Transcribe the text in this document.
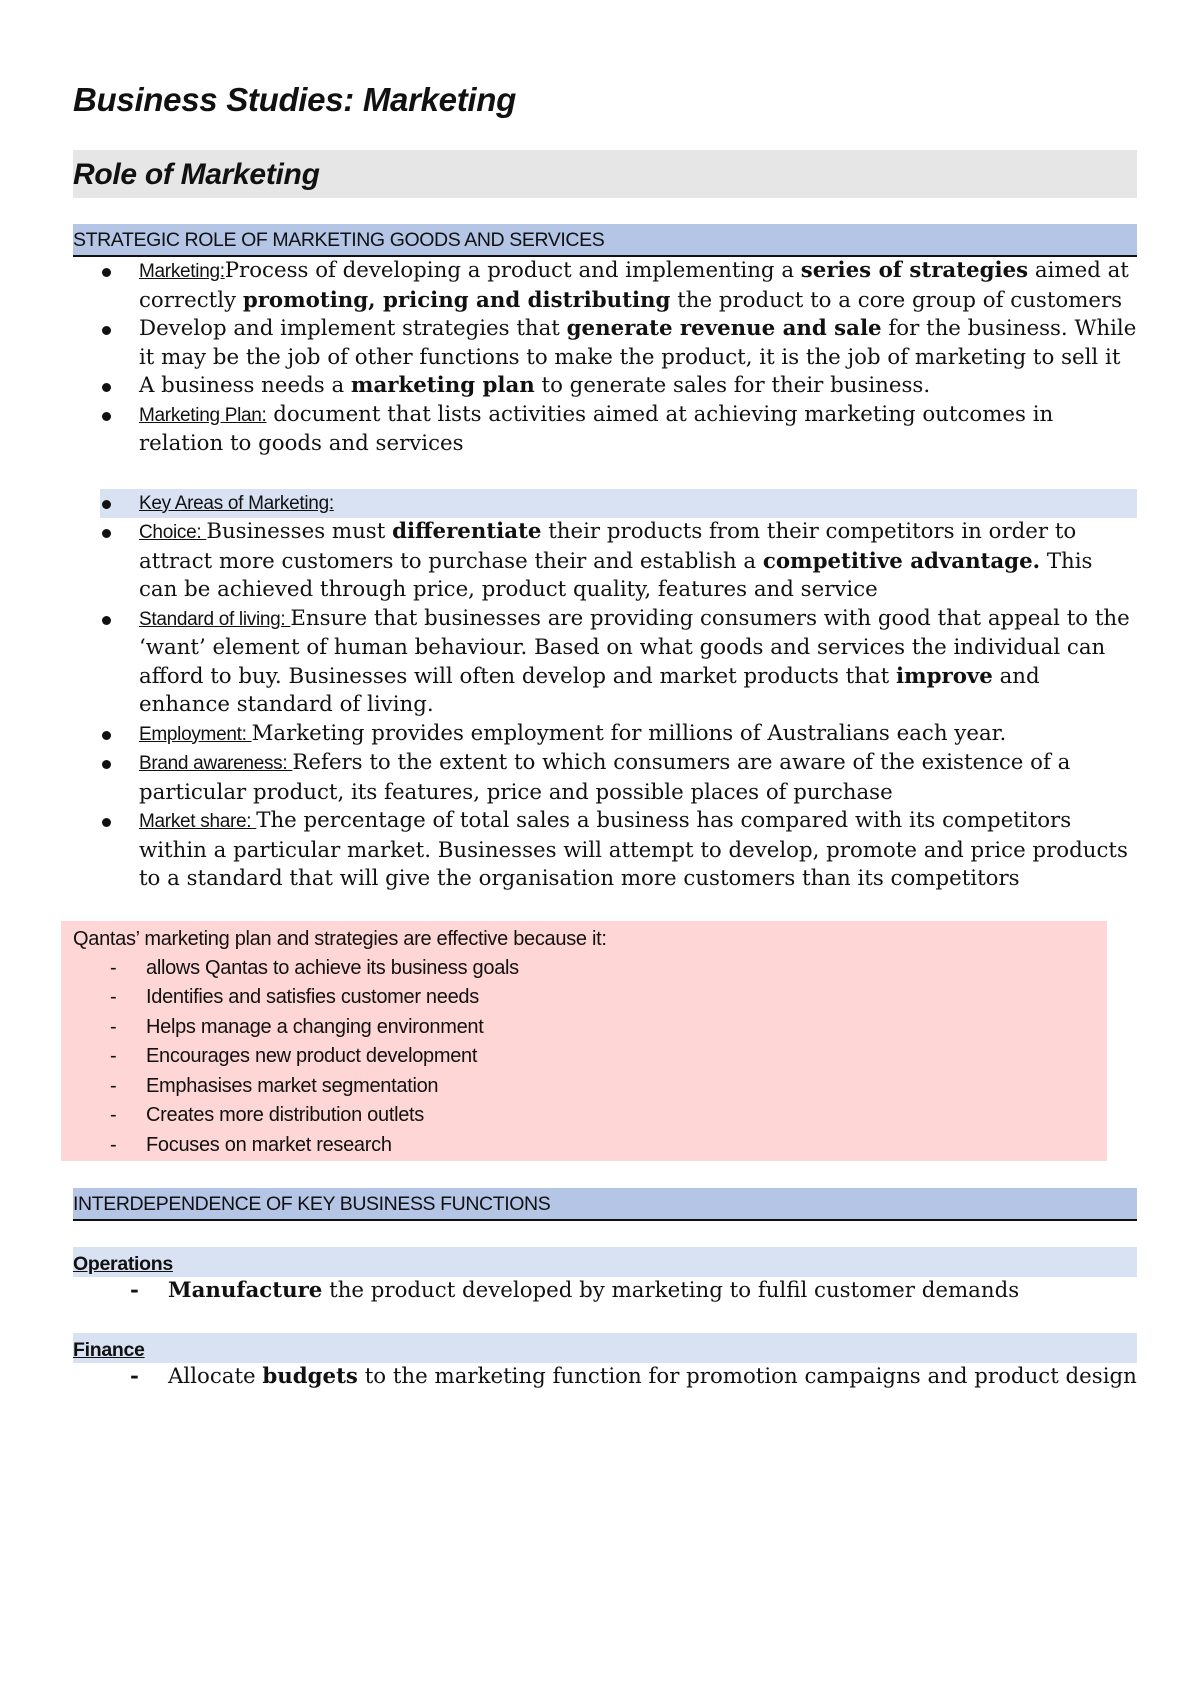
Business Studies: Marketing
Role of Marketing
STRATEGIC ROLE OF MARKETING GOODS AND SERVICES
Marketing:Process of developing a product and implementing a series of strategies aimed at correctly promoting, pricing and distributing the product to a core group of customers
Develop and implement strategies that generate revenue and sale for the business. While it may be the job of other functions to make the product, it is the job of marketing to sell it
A business needs a marketing plan to generate sales for their business.
Marketing Plan: document that lists activities aimed at achieving marketing outcomes in relation to goods and services
Key Areas of Marketing:
Choice: Businesses must differentiate their products from their competitors in order to attract more customers to purchase their and establish a competitive advantage. This can be achieved through price, product quality, features and service
Standard of living: Ensure that businesses are providing consumers with good that appeal to the ‘want’ element of human behaviour. Based on what goods and services the individual can afford to buy. Businesses will often develop and market products that improve and enhance standard of living.
Employment: Marketing provides employment for millions of Australians each year.
Brand awareness: Refers to the extent to which consumers are aware of the existence of a particular product, its features, price and possible places of purchase
Market share: The percentage of total sales a business has compared with its competitors within a particular market. Businesses will attempt to develop, promote and price products to a standard that will give the organisation more customers than its competitors
Qantas’ marketing plan and strategies are effective because it:
- allows Qantas to achieve its business goals
- Identifies and satisfies customer needs
- Helps manage a changing environment
- Encourages new product development
- Emphasises market segmentation
- Creates more distribution outlets
- Focuses on market research
INTERDEPENDENCE OF KEY BUSINESS FUNCTIONS
Operations
- Manufacture the product developed by marketing to fulfil customer demands
Finance
- Allocate budgets to the marketing function for promotion campaigns and product design
